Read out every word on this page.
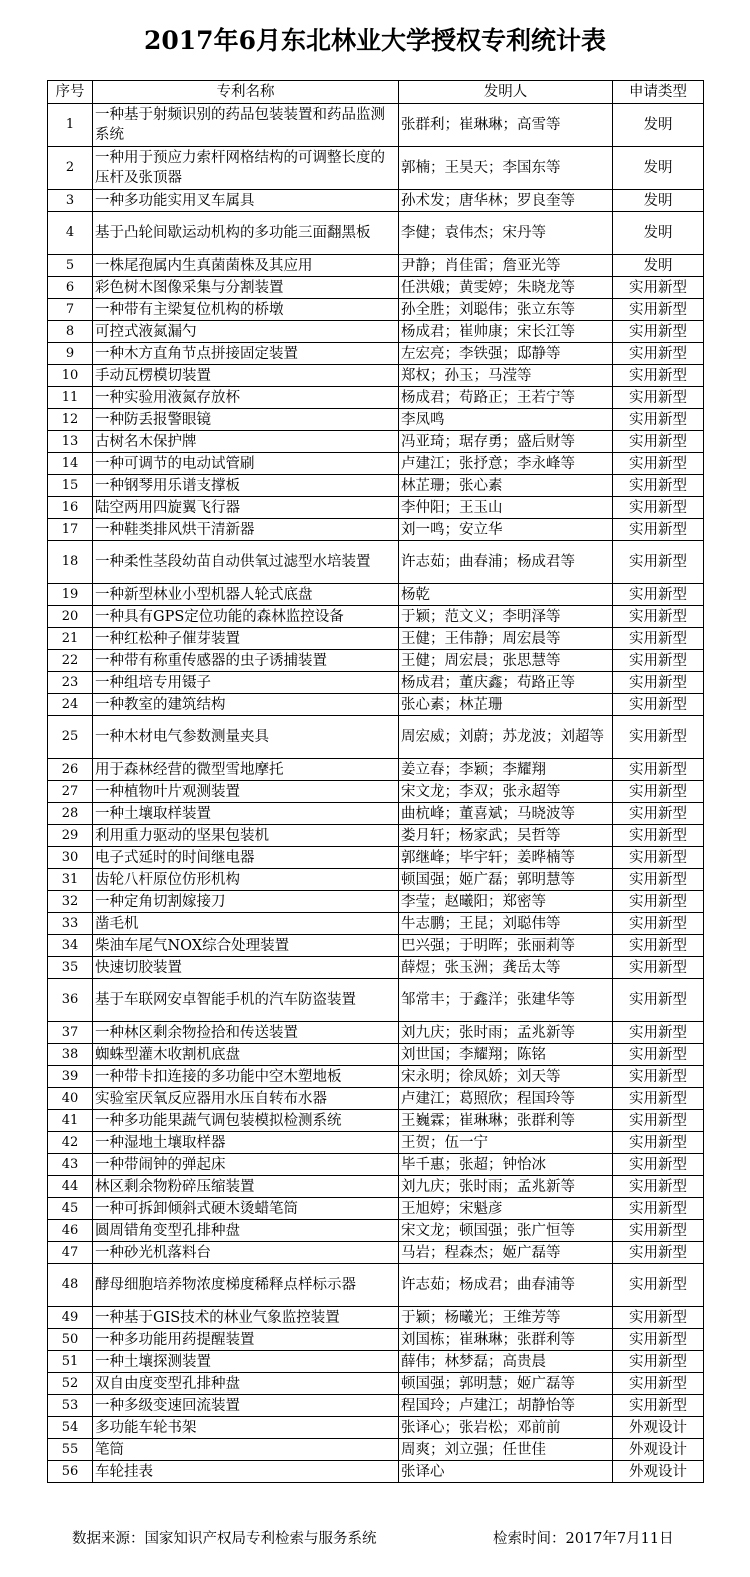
2017年6月东北林业大学授权专利统计表
序号	专利名称	发明人	申请类型
1	一种基于射频识别的药品包装装置和药品监测系统	张群利；崔琳琳；高雪等	发明
2	一种用于预应力索杆网格结构的可调整长度的压杆及张顶器	郭楠；王昊天；李国东等	发明
3	一种多功能实用叉车属具	孙术发；唐华林；罗良奎等	发明
4	基于凸轮间歇运动机构的多功能三面翻黑板	李健；袁伟杰；宋丹等	发明
5	一株尾孢属内生真菌菌株及其应用	尹静；肖佳雷；詹亚光等	发明
6	彩色树木图像采集与分割装置	任洪娥；黄雯婷；朱晓龙等	实用新型
7	一种带有主梁复位机构的桥墩	孙全胜；刘聪伟；张立东等	实用新型
8	可控式液氮漏勺	杨成君；崔帅康；宋长江等	实用新型
9	一种木方直角节点拼接固定装置	左宏亮；李铁强；邸静等	实用新型
10	手动瓦楞模切装置	郑权；孙玉；马滢等	实用新型
11	一种实验用液氮存放杯	杨成君；苟路正；王若宁等	实用新型
12	一种防丢报警眼镜	李凤鸣	实用新型
13	古树名木保护牌	冯亚琦；琚存勇；盛后财等	实用新型
14	一种可调节的电动试管刷	卢建江；张抒意；李永峰等	实用新型
15	一种钢琴用乐谱支撑板	林芷珊；张心素	实用新型
16	陆空两用四旋翼飞行器	李仲阳；王玉山	实用新型
17	一种鞋类排风烘干清新器	刘一鸣；安立华	实用新型
18	一种柔性茎段幼苗自动供氧过滤型水培装置	许志茹；曲春浦；杨成君等	实用新型
19	一种新型林业小型机器人轮式底盘	杨乾	实用新型
20	一种具有GPS定位功能的森林监控设备	于颖；范文义；李明泽等	实用新型
21	一种红松种子催芽装置	王健；王伟静；周宏晨等	实用新型
22	一种带有称重传感器的虫子诱捕装置	王健；周宏晨；张思慧等	实用新型
23	一种组培专用镊子	杨成君；董庆鑫；苟路正等	实用新型
24	一种教室的建筑结构	张心素；林芷珊	实用新型
25	一种木材电气参数测量夹具	周宏威；刘蔚；苏龙波；刘超等	实用新型
26	用于森林经营的微型雪地摩托	姜立春；李颖；李耀翔	实用新型
27	一种植物叶片观测装置	宋文龙；李双；张永超等	实用新型
28	一种土壤取样装置	曲杭峰；董喜斌；马晓波等	实用新型
29	利用重力驱动的坚果包装机	娄月轩；杨家武；吴哲等	实用新型
30	电子式延时的时间继电器	郭继峰；毕宇轩；姜晔楠等	实用新型
31	齿轮八杆原位仿形机构	顿国强；姬广磊；郭明慧等	实用新型
32	一种定角切割嫁接刀	李莹；赵曦阳；郑密等	实用新型
33	凿毛机	牛志鹏；王昆；刘聪伟等	实用新型
34	柴油车尾气NOX综合处理装置	巴兴强；于明晖；张丽莉等	实用新型
35	快速切胶装置	薛煜；张玉洲；龚岳太等	实用新型
36	基于车联网安卓智能手机的汽车防盗装置	邹常丰；于鑫洋；张建华等	实用新型
37	一种林区剩余物捡拾和传送装置	刘九庆；张时雨；孟兆新等	实用新型
38	蜘蛛型灌木收割机底盘	刘世国；李耀翔；陈铭	实用新型
39	一种带卡扣连接的多功能中空木塑地板	宋永明；徐凤娇；刘天等	实用新型
40	实验室厌氧反应器用水压自转布水器	卢建江；葛照欣；程国玲等	实用新型
41	一种多功能果蔬气调包装模拟检测系统	王巍霖；崔琳琳；张群利等	实用新型
42	一种湿地土壤取样器	王贺；伍一宁	实用新型
43	一种带闹钟的弹起床	毕千惠；张超；钟怡冰	实用新型
44	林区剩余物粉碎压缩装置	刘九庆；张时雨；孟兆新等	实用新型
45	一种可拆卸倾斜式硬木烫蜡笔筒	王旭婷；宋魁彦	实用新型
46	圆周错角变型孔排种盘	宋文龙；顿国强；张广恒等	实用新型
47	一种砂光机落料台	马岩；程森杰；姬广磊等	实用新型
48	酵母细胞培养物浓度梯度稀释点样标示器	许志茹；杨成君；曲春浦等	实用新型
49	一种基于GIS技术的林业气象监控装置	于颖；杨曦光；王维芳等	实用新型
50	一种多功能用药提醒装置	刘国栋；崔琳琳；张群利等	实用新型
51	一种土壤探测装置	薛伟；林梦磊；高贵晨	实用新型
52	双自由度变型孔排种盘	顿国强；郭明慧；姬广磊等	实用新型
53	一种多级变速回流装置	程国玲；卢建江；胡静怡等	实用新型
54	多功能车轮书架	张译心；张岩松；邓前前	外观设计
55	笔筒	周爽；刘立强；任世佳	外观设计
56	车轮挂表	张译心	外观设计
数据来源：国家知识产权局专利检索与服务系统	检索时间：2017年7月11日
